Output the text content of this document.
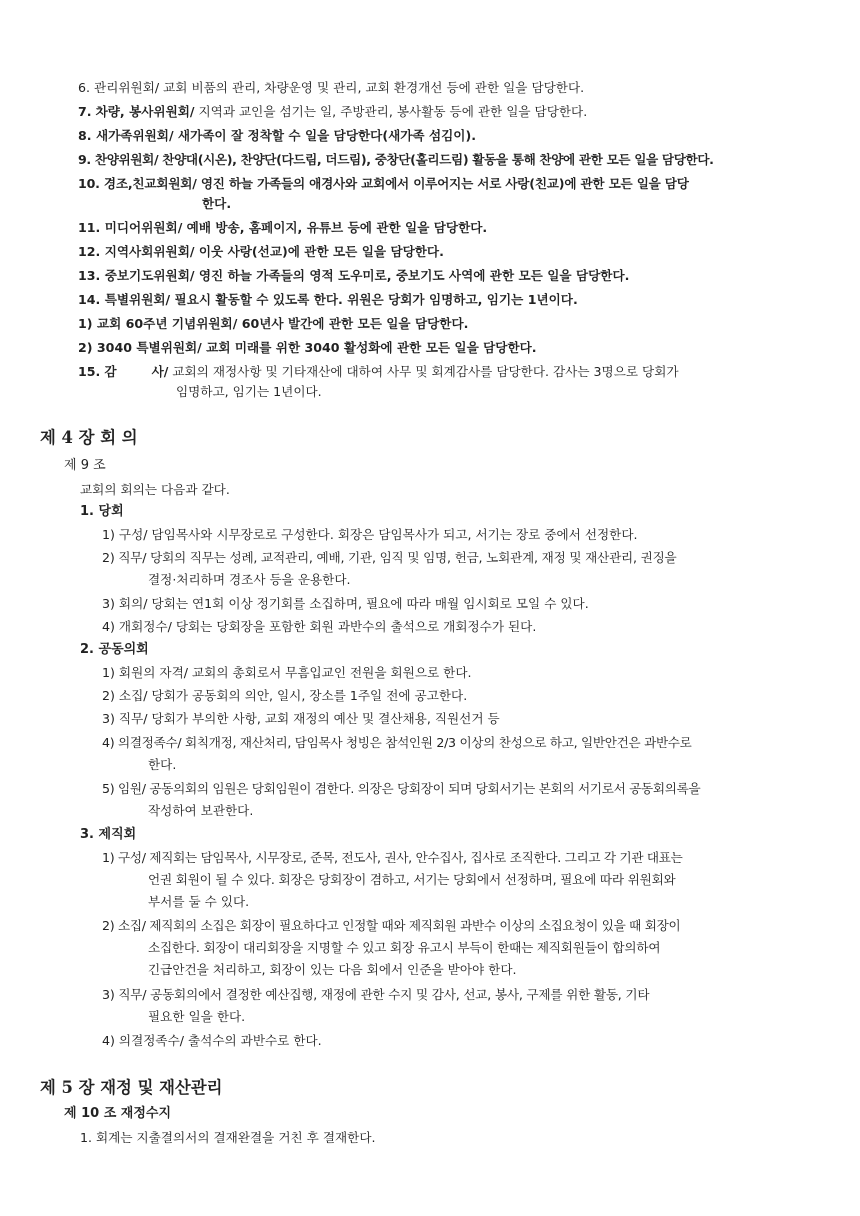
6. 관리위원회/ 교회 비품의 관리, 차량운영 및 관리, 교회 환경개선 등에 관한 일을 담당한다.
7. 차량, 봉사위원회/ 지역과 교인을 섬기는 일, 주방관리, 봉사활동 등에 관한 일을 담당한다.
8. 새가족위원회/ 새가족이 잘 정착할 수 일을 담당한다(새가족 섬김이).
9. 찬양위원회/ 찬양대(시온), 찬양단(다드림, 더드림), 중창단(홀리드림) 활동을 통해 찬양에 관한 모든 일을 담당한다.
10. 경조,친교회원회/ 영진 하늘 가족들의 애경사와 교회에서 이루어지는 서로 사랑(친교)에 관한 모든 일을 담당
한다.
11. 미디어위원회/ 예배 방송, 홈페이지, 유튜브 등에 관한 일을 담당한다.
12. 지역사회위원회/ 이웃 사랑(선교)에 관한 모든 일을 담당한다.
13. 중보기도위원회/ 영진 하늘 가족들의 영적 도우미로, 중보기도 사역에 관한 모든 일을 담당한다.
14. 특별위원회/ 필요시 활동할 수 있도록 한다. 위원은 당회가 임명하고, 임기는 1년이다.
1) 교회 60주년 기념위원회/ 60년사 발간에 관한 모든 일을 담당한다.
2) 3040 특별위원회/ 교회 미래를 위한 3040 활성화에 관한 모든 일을 담당한다.
15. 감        사/ 교회의 재정사항 및 기타재산에 대하여 사무 및 회계감사를 담당한다. 감사는 3명으로 당회가
임명하고, 임기는 1년이다.
제 4 장 회 의
제 9 조
교회의 회의는 다음과 같다.
1. 당회
1) 구성/ 담임목사와 시무장로로 구성한다. 회장은 담임목사가 되고, 서기는 장로 중에서 선정한다.
2) 직무/ 당회의 직무는 성례, 교적관리, 예배, 기관, 임직 및 임명, 헌금, 노회관계, 재정 및 재산관리, 권징을
결정·처리하며 경조사 등을 운용한다.
3) 회의/ 당회는 연1회 이상 정기회를 소집하며, 필요에 따라 매월 임시회로 모일 수 있다.
4) 개회정수/ 당회는 당회장을 포함한 회원 과반수의 출석으로 개회정수가 된다.
2. 공동의회
1) 회원의 자격/ 교회의 총회로서 무흠입교인 전원을 회원으로 한다.
2) 소집/ 당회가 공동회의 의안, 일시, 장소를 1주일 전에 공고한다.
3) 직무/ 당회가 부의한 사항, 교회 재정의 예산 및 결산채용, 직원선거 등
4) 의결정족수/ 회칙개정, 재산처리, 담임목사 청빙은 참석인원 2/3 이상의 찬성으로 하고, 일반안건은 과반수로
한다.
5) 임원/ 공동의회의 임원은 당회임원이 겸한다. 의장은 당회장이 되며 당회서기는 본회의 서기로서 공동회의록을
작성하여 보관한다.
3. 제직회
1) 구성/ 제직회는 담임목사, 시무장로, 준목, 전도사, 권사, 안수집사, 집사로 조직한다. 그리고 각 기관 대표는
언권 회원이 될 수 있다. 회장은 당회장이 겸하고, 서기는 당회에서 선정하며, 필요에 따라 위원회와
부서를 둘 수 있다.
2) 소집/ 제직회의 소집은 회장이 필요하다고 인정할 때와 제직회원 과반수 이상의 소집요청이 있을 때 회장이
소집한다. 회장이 대리회장을 지명할 수 있고 회장 유고시 부득이 한때는 제직회원들이 합의하여
긴급안건을 처리하고, 회장이 있는 다음 회에서 인준을 받아야 한다.
3) 직무/ 공동회의에서 결정한 예산집행, 재정에 관한 수지 및 감사, 선교, 봉사, 구제를 위한 활동, 기타
필요한 일을 한다.
4) 의결정족수/ 출석수의 과반수로 한다.
제 5 장 재정 및 재산관리
제 10 조 재정수지
1. 회계는 지출결의서의 결재완결을 거친 후 결재한다.
